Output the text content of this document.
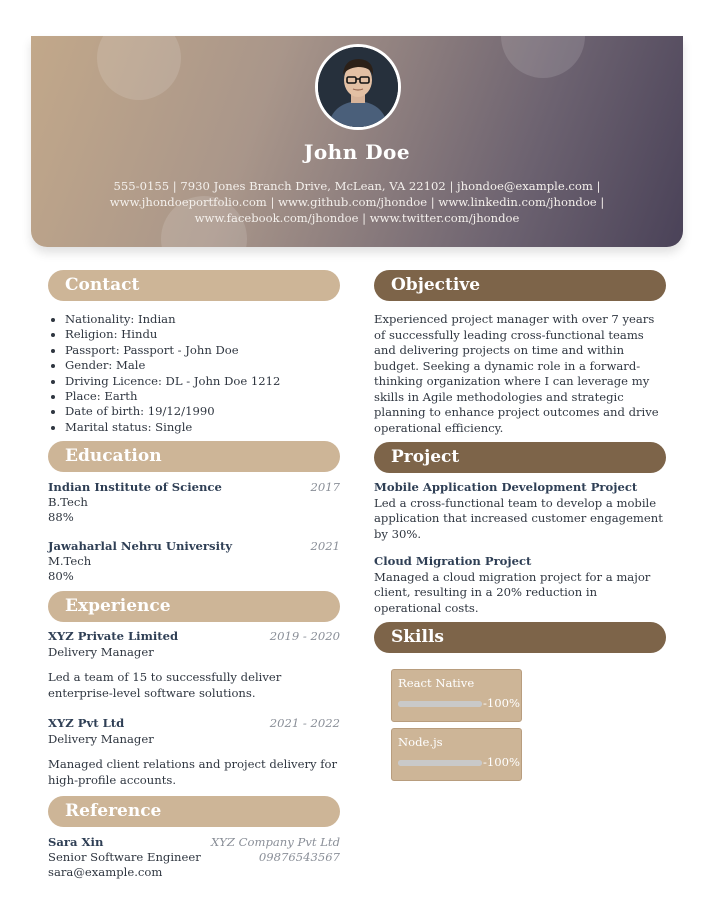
John Doe
555-0155 | 7930 Jones Branch Drive, McLean, VA 22102 | jhondoe@example.com | www.jhondoeportfolio.com | www.github.com/jhondoe | www.linkedin.com/jhondoe | www.facebook.com/jhondoe | www.twitter.com/jhondoe
Contact
• Nationality: Indian
• Religion: Hindu
• Passport: Passport - John Doe
• Gender: Male
• Driving Licence: DL - John Doe 1212
• Place: Earth
• Date of birth: 19/12/1990
• Marital status: Single
Education
Indian Institute of Science	2017
B.Tech
88%
Jawaharlal Nehru University	2021
M.Tech
80%
Experience
XYZ Private Limited	2019 - 2020
Delivery Manager
Led a team of 15 to successfully deliver enterprise-level software solutions.
XYZ Pvt Ltd	2021 - 2022
Delivery Manager
Managed client relations and project delivery for high-profile accounts.
Reference
Sara Xin	XYZ Company Pvt Ltd
Senior Software Engineer	09876543567
sara@example.com
Objective
Experienced project manager with over 7 years of successfully leading cross-functional teams and delivering projects on time and within budget. Seeking a dynamic role in a forward-thinking organization where I can leverage my skills in Agile methodologies and strategic planning to enhance project outcomes and drive operational efficiency.
Project
Mobile Application Development Project
Led a cross-functional team to develop a mobile application that increased customer engagement by 30%.
Cloud Migration Project
Managed a cloud migration project for a major client, resulting in a 20% reduction in operational costs.
Skills
React Native
-100%
Node.js
-100%
